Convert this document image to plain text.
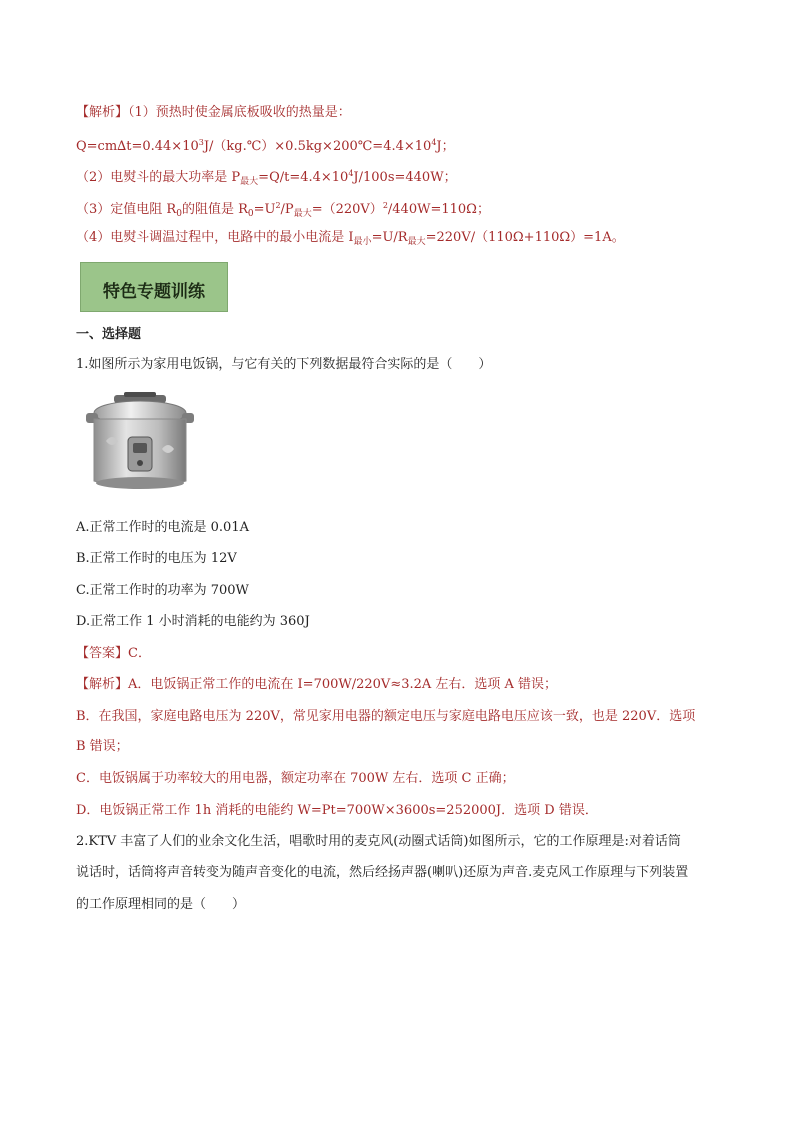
【解析】（1）预热时使金属底板吸收的热量是：
$Q=cm\Delta t=0.44\times 10^3J/(kg.℃)\times 0.5kg\times 200℃=4.4\times 10^4J$；
（2）电熨斗的最大功率是 $P_{最大}=Q/t=4.4\times 10^4J/100s=440W$；
（3）定值电阻 $R_0$的阻值是 $R_0=U^2/P_{最大}=(220V)^2/440W=110\Omega$；
（4）电熨斗调温过程中，电路中的最小电流是 $I_{最小}=U/R_{最大}=220V/(110\Omega+110\Omega)=1A$。
特色专题训练
一、选择题
1.如图所示为家用电饭锅，与它有关的下列数据最符合实际的是（　　）
A.正常工作时的电流是 0.01A
B.正常工作时的电压为 12V
C.正常工作时的功率为 700W
D.正常工作 1 小时消耗的电能约为 360J
【答案】C．
【解析】A．电饭锅正常工作的电流在 I=700W/220V≈3.2A 左右．选项 A 错误；
B．在我国，家庭电路电压为 220V，常见家用电器的额定电压与家庭电路电压应该一致，也是 220V．选项
B 错误；
C．电饭锅属于功率较大的用电器，额定功率在 700W 左右．选项 C 正确；
D．电饭锅正常工作 1h 消耗的电能约 W=Pt=700W×3600s=252000J．选项 D 错误．
2.KTV 丰富了人们的业余文化生活，唱歌时用的麦克风(动圈式话筒)如图所示，它的工作原理是:对着话筒
说话时，话筒将声音转变为随声音变化的电流，然后经扬声器(喇叭)还原为声音.麦克风工作原理与下列装置
的工作原理相同的是（　　）
